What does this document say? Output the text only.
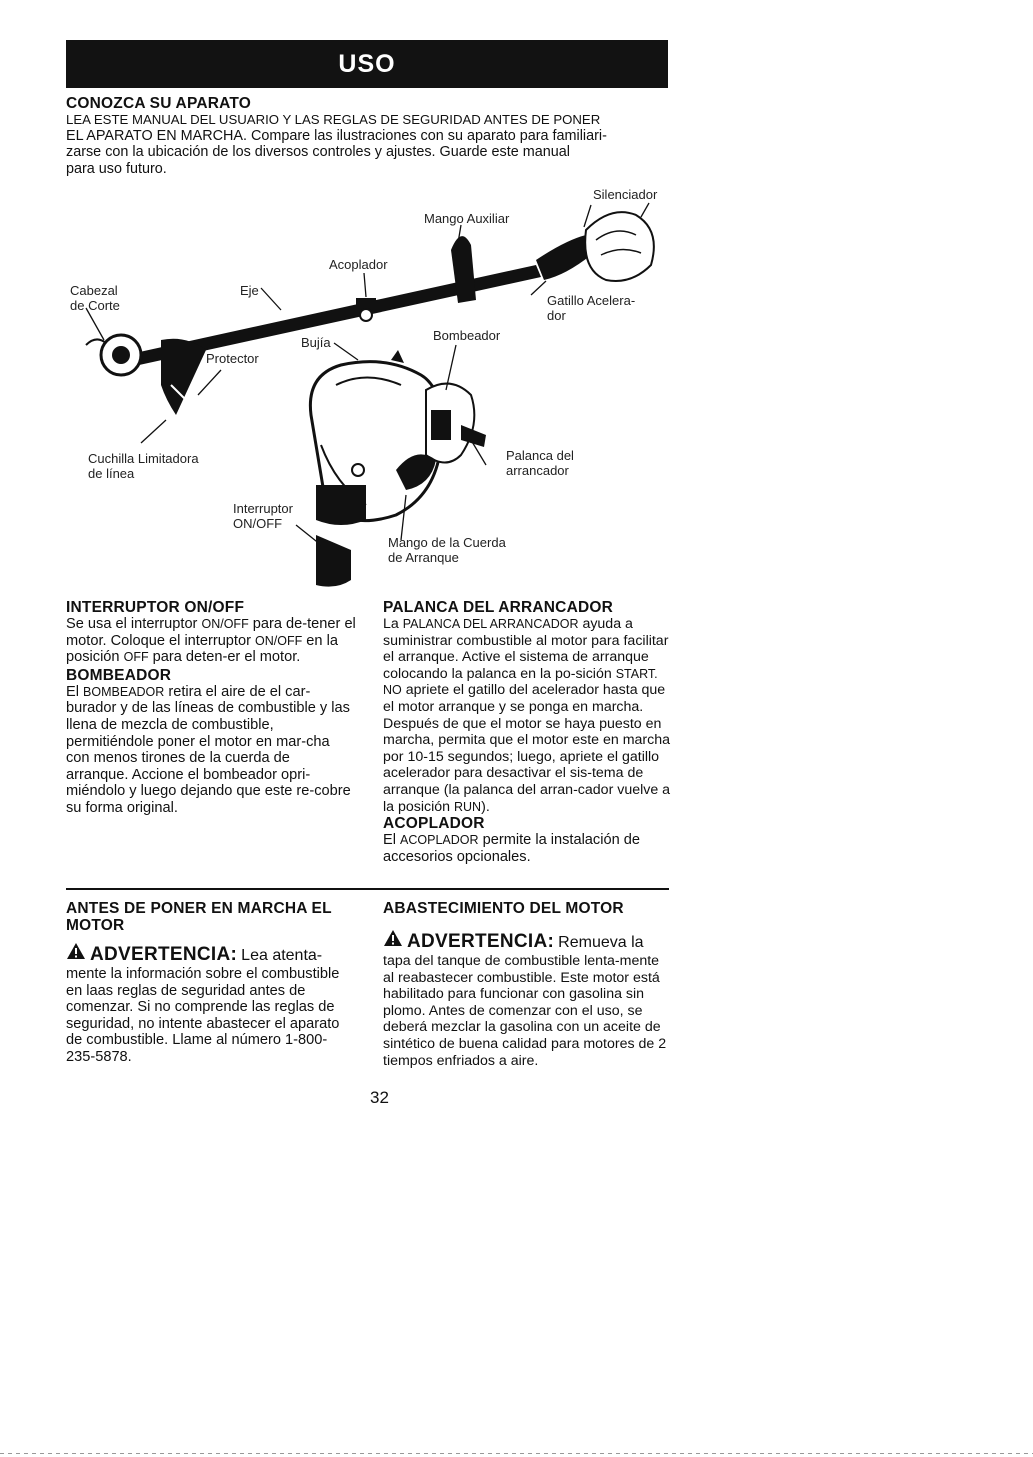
USO

CONOZCA SU APARATO

LEA ESTE MANUAL DEL USUARIO Y LAS REGLAS DE SEGURIDAD ANTES DE PONER

EL APARATO EN MARCHA. Compare las ilustraciones con su aparato para familiari-

zarse con la ubicación de los diversos controles y ajustes. Guarde este manual

para uso futuro.

Silenciador
Mango Auxiliar
Acoplador
Cabezal
de Corte
Eje
Gatillo Acelera-
dor
Bujía	Bombeador
Protector
Cuchilla Limitadora
de línea
Palanca del
arrancador
Interruptor
ON/OFF
Mango de la Cuerda
de Arranque

INTERRUPTOR ON/OFF

Se usa el interruptor ON/OFF para de-tener el motor. Coloque el interruptor ON/OFF en la posición OFF para deten-er el motor.

BOMBEADOR

El BOMBEADOR retira el aire de el car-burador y de las líneas de combustible y las llena de mezcla de combustible, permitiéndole poner el motor en mar-cha con menos tirones de la cuerda de arranque. Accione el bombeador opri-miéndolo y luego dejando que este re-cobre su forma original.

PALANCA DEL ARRANCADOR

La PALANCA DEL ARRANCADOR ayuda a suministrar combustible al motor para facilitar el arranque. Active el sistema de arranque colocando la palanca en la po-sición START. NO apriete el gatillo del acelerador hasta que el motor arranque y se ponga en marcha. Después de que el motor se haya puesto en marcha, permita que el motor este en marcha por 10-15 segundos; luego, apriete el gatillo acelerador para desactivar el sis-tema de arranque (la palanca del arran-cador vuelve a la posición RUN).

ACOPLADOR

El ACOPLADOR permite la instalación de accesorios opcionales.

ANTES DE PONER EN MARCHA EL

MOTOR

ADVERTENCIA: Lea atenta-

mente la información sobre el combustible en laas reglas de seguridad antes de comenzar. Si no comprende las reglas de seguridad, no intente abastecer el aparato de combustible. Llame al número 1-800-235-5878.

ABASTECIMIENTO DEL MOTOR

ADVERTENCIA: Remueva la

tapa del tanque de combustible lenta-mente al reabastecer combustible. Este motor está habilitado para funcionar con gasolina sin plomo. Antes de comenzar con el uso, se deberá mezclar la gasolina con un aceite de sintético de buena calidad para motores de 2 tiempos enfriados a aire.

32
